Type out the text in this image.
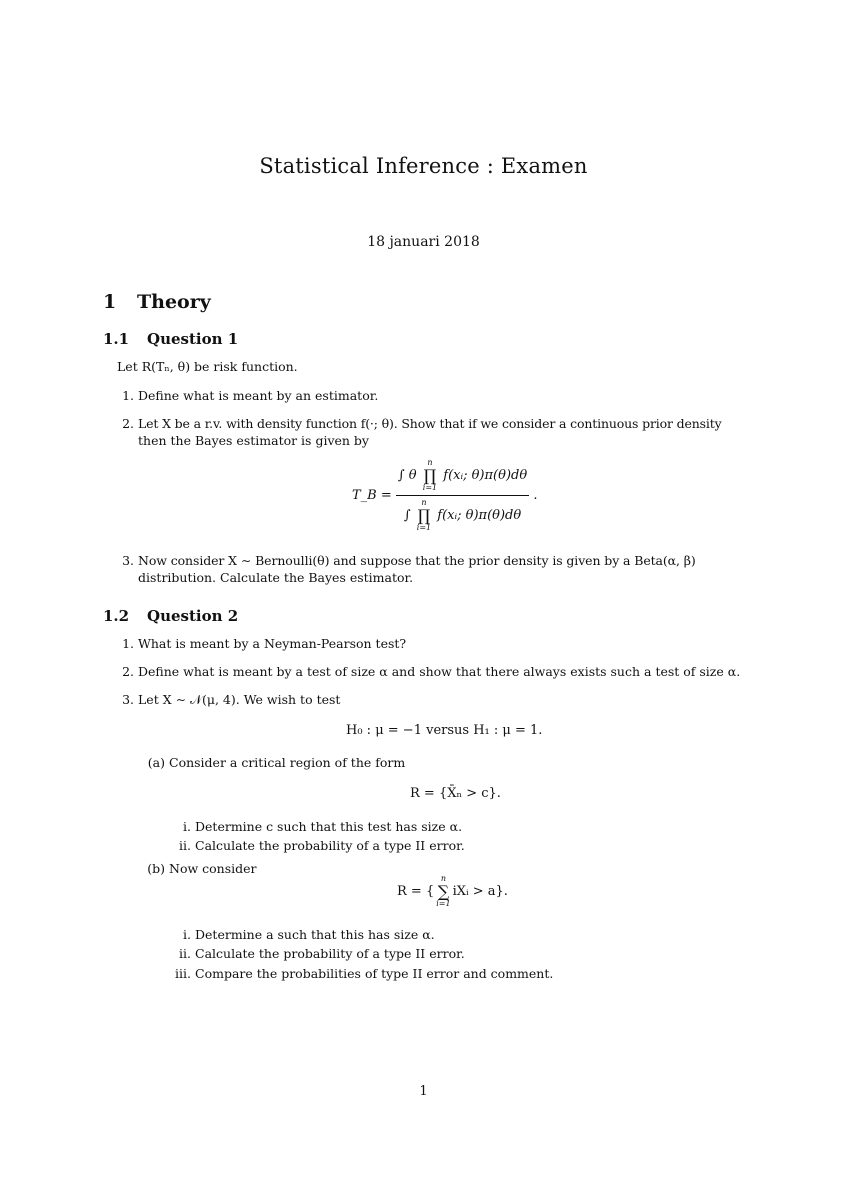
Statistical Inference : Examen
18 januari 2018
1 Theory
1.1 Question 1
Let R(Tₙ, θ) be risk function.
1. Define what is meant by an estimator.
2. Let X be a r.v. with density function f(·; θ). Show that if we consider a continuous prior density
then the Bayes estimator is given by
T_B =
∫ θ
n
∏
i=1
f(xᵢ; θ)π(θ)dθ
∫
n
∏
i=1
f(xᵢ; θ)π(θ)dθ
.
3. Now consider X ∼ Bernoulli(θ) and suppose that the prior density is given by a Beta(α, β)
distribution. Calculate the Bayes estimator.
1.2 Question 2
1. What is meant by a Neyman-Pearson test?
2. Define what is meant by a test of size α and show that there always exists such a test of size α.
3. Let X ∼ 𝒩(μ, 4). We wish to test
H₀ : μ = −1 versus H₁ : μ = 1.
(a) Consider a critical region of the form
R = {X̄ₙ > c}.
i. Determine c such that this test has size α.
ii. Calculate the probability of a type II error.
(b) Now consider
R = {
n
∑
i=1
iXᵢ > a}.
i. Determine a such that this has size α.
ii. Calculate the probability of a type II error.
iii. Compare the probabilities of type II error and comment.
1
